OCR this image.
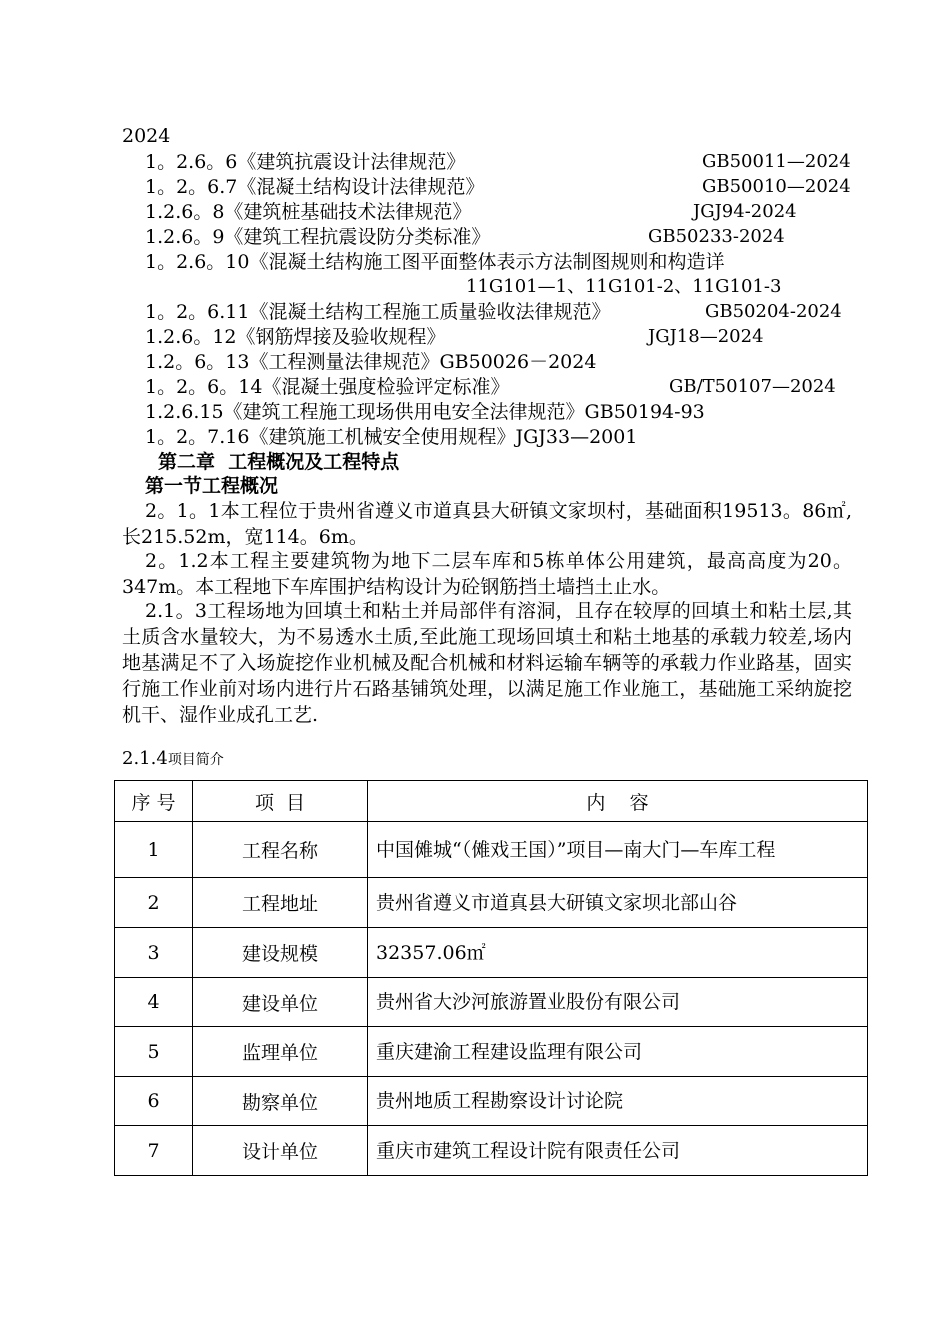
2024
1。2.6。6《建筑抗震设计法律规范》	GB50011—2024
1。2。6.7《混凝土结构设计法律规范》	GB50010—2024
1.2.6。8《建筑桩基础技术法律规范》	JGJ94-2024
1.2.6。9《建筑工程抗震设防分类标准》	GB50233-2024
1。2.6。10《混凝土结构施工图平面整体表示方法制图规则和构造详
11G101—1、11G101-2、11G101-3
1。2。6.11《混凝土结构工程施工质量验收法律规范》	GB50204-2024
1.2.6。12《钢筋焊接及验收规程》	JGJ18—2024
1.2。6。13《工程测量法律规范》GB50026－2024
1。2。6。14《混凝土强度检验评定标准》	GB/T50107—2024
1.2.6.15《建筑工程施工现场供用电安全法律规范》GB50194-93
1。2。7.16《建筑施工机械安全使用规程》JGJ33—2001
第二章  工程概况及工程特点
第一节工程概况
2。1。1本工程位于贵州省遵义市道真县大研镇文家坝村，基础面积19513。86㎡,长215.52m，宽114。6m。
2。1.2本工程主要建筑物为地下二层车库和5栋单体公用建筑，最高高度为20。347m。本工程地下车库围护结构设计为砼钢筋挡土墙挡土止水。
2.1。3工程场地为回填土和粘土并局部伴有溶洞，且存在较厚的回填土和粘土层,其土质含水量较大，为不易透水土质,至此施工现场回填土和粘土地基的承载力较差,场内地基满足不了入场旋挖作业机械及配合机械和材料运输车辆等的承载力作业路基，固实行施工作业前对场内进行片石路基铺筑处理，以满足施工作业施工，基础施工采纳旋挖机干、湿作业成孔工艺.
2.1.4项目简介
序 号	项  目	内    容
1	工程名称	中国傩城“（傩戏王国）”项目—南大门—车库工程
2	工程地址	贵州省遵义市道真县大研镇文家坝北部山谷
3	建设规模	32357.06㎡
4	建设单位	贵州省大沙河旅游置业股份有限公司
5	监理单位	重庆建渝工程建设监理有限公司
6	勘察单位	贵州地质工程勘察设计讨论院
7	设计单位	重庆市建筑工程设计院有限责任公司
